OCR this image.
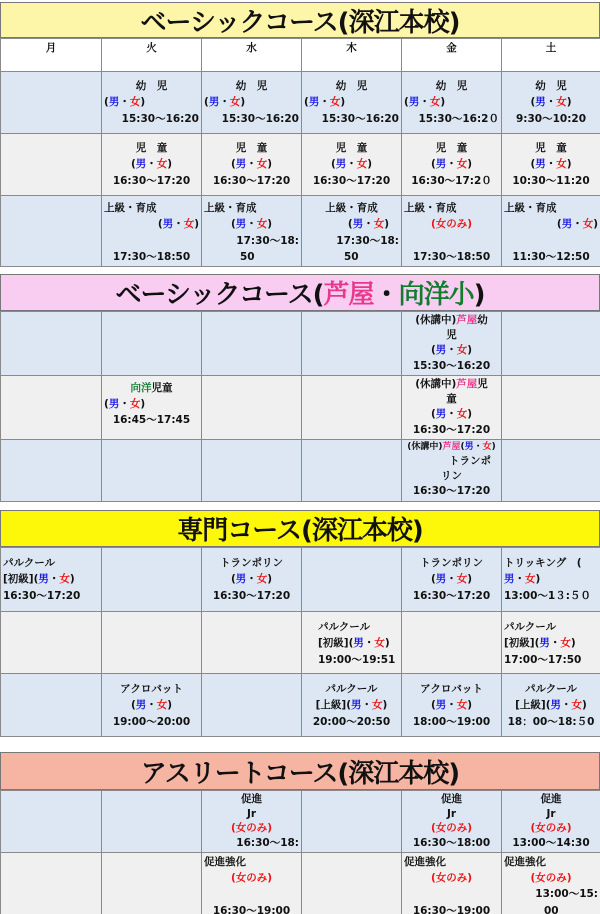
ベーシックコース(深江本校)
月	火	水	木	金	土

	幼　児
(男・女)
15:30〜16:20	幼　児
(男・女)
15:30〜16:20	幼　児
(男・女)
15:30〜16:20	幼　児
(男・女)
15:30〜16:2０	幼　児
(男・女)
9:30〜10:20

	児　童
(男・女)
16:30〜17:20	児　童
(男・女)
16:30〜17:20	児　童
(男・女)
16:30〜17:20	児　童
(男・女)
16:30〜17:2０	児　童
(男・女)
10:30〜11:20

	上級・育成
(男・女)

17:30〜18:50	上級・育成
(男・女)
17:30〜18:
50	上級・育成
(男・女)
17:30〜18:
50	上級・育成
(女のみ)

17:30〜18:50	上級・育成
(男・女)

11:30〜12:50
ベーシックコース(芦屋・向洋小)

				(休講中)芦屋幼
児
(男・女)
15:30〜16:20	

	向洋児童
(男・女)
16:45〜17:45			(休講中)芦屋児
童
(男・女)
16:30〜17:20	

				(休講中)芦屋(男・女)
トランポ
リン
16:30〜17:20	

専門コース(深江本校)
パルクール
[初級](男・女)
16:30〜17:20		トランポリン
(男・女)
16:30〜17:20		トランポリン
(男・女)
16:30〜17:20	トリッキング　(
男・女)
13:00〜1３:５０

			パルクール
[初級](男・女)
19:00〜19:51		パルクール
[初級](男・女)
17:00〜17:50

	アクロバット
(男・女)
19:00〜20:00		パルクール
[上級](男・女)
20:00〜20:50	アクロバット
(男・女)
18:00〜19:00	パルクール
[上級](男・女)
18：00〜18:５0
アスリートコース(深江本校)

		促進
Jr
(女のみ)
16:30〜18:		促進
Jr
(女のみ)
16:30〜18:00	促進
Jr
(女のみ)
13:00〜14:30

		促進強化
(女のみ)

16:30〜19:00		促進強化
(女のみ)

16:30〜19:00	促進強化
(女のみ)
13:00〜15:
00
